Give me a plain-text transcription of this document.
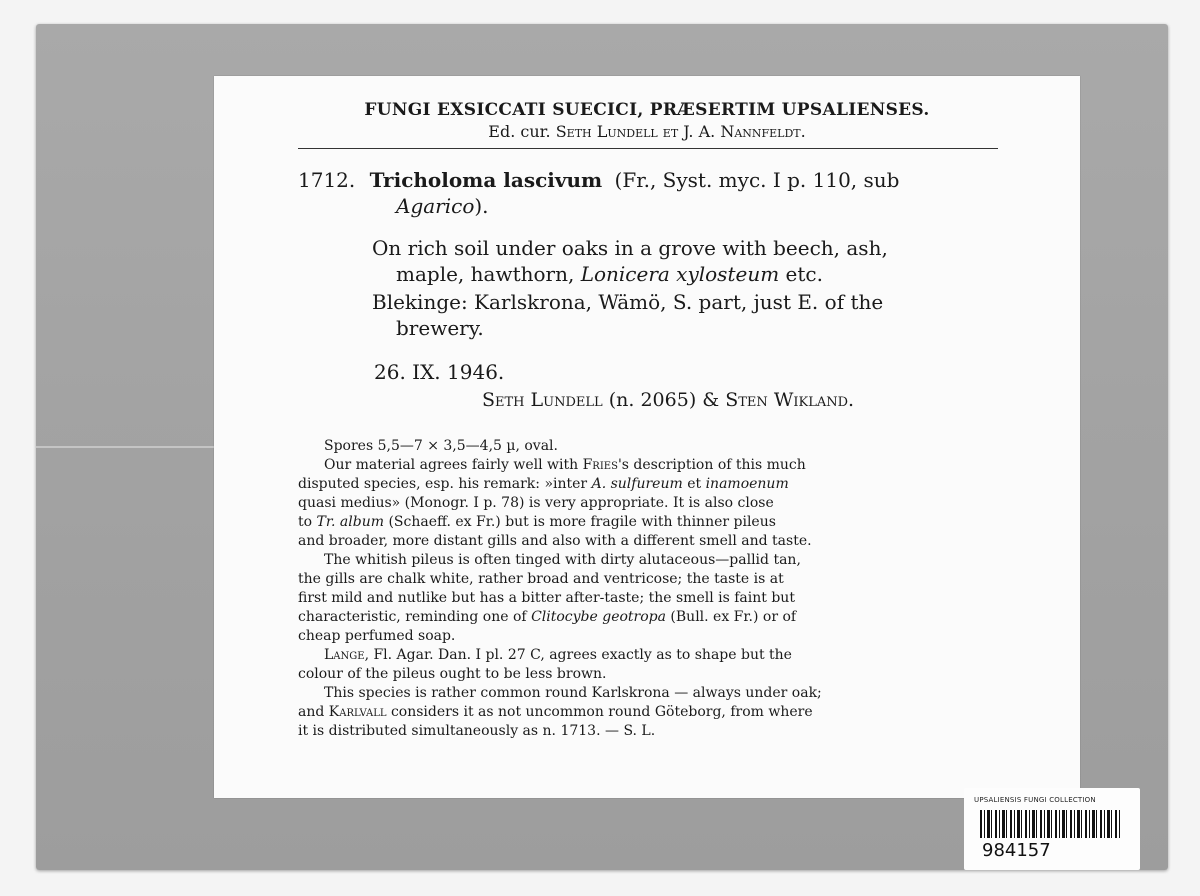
FUNGI EXSICCATI SUECICI, PRÆSERTIM UPSALIENSES.
Ed. cur. Seth Lundell et J. A. Nannfeldt.
1712. Tricholoma lascivum (Fr., Syst. myc. I p. 110, sub
Agarico).
On rich soil under oaks in a grove with beech, ash,
maple, hawthorn, Lonicera xylosteum etc.
Blekinge: Karlskrona, Wämö, S. part, just E. of the
brewery.
26. IX. 1946.
Seth Lundell (n. 2065) & Sten Wikland.

Spores 5,5—7 × 3,5—4,5 µ, oval.

Our material agrees fairly well with Fries's description of this much

disputed species, esp. his remark: »inter A. sulfureum et inamoenum

quasi medius» (Monogr. I p. 78) is very appropriate. It is also close

to Tr. album (Schaeff. ex Fr.) but is more fragile with thinner pileus

and broader, more distant gills and also with a different smell and taste.

The whitish pileus is often tinged with dirty alutaceous—pallid tan,

the gills are chalk white, rather broad and ventricose; the taste is at

first mild and nutlike but has a bitter after-taste; the smell is faint but

characteristic, reminding one of Clitocybe geotropa (Bull. ex Fr.) or of

cheap perfumed soap.

Lange, Fl. Agar. Dan. I pl. 27 C, agrees exactly as to shape but the

colour of the pileus ought to be less brown.

This species is rather common round Karlskrona — always under oak;

and Karlvall considers it as not uncommon round Göteborg, from where

it is distributed simultaneously as n. 1713. — S. L.

UPSALIENSIS FUNGI COLLECTION
984157
